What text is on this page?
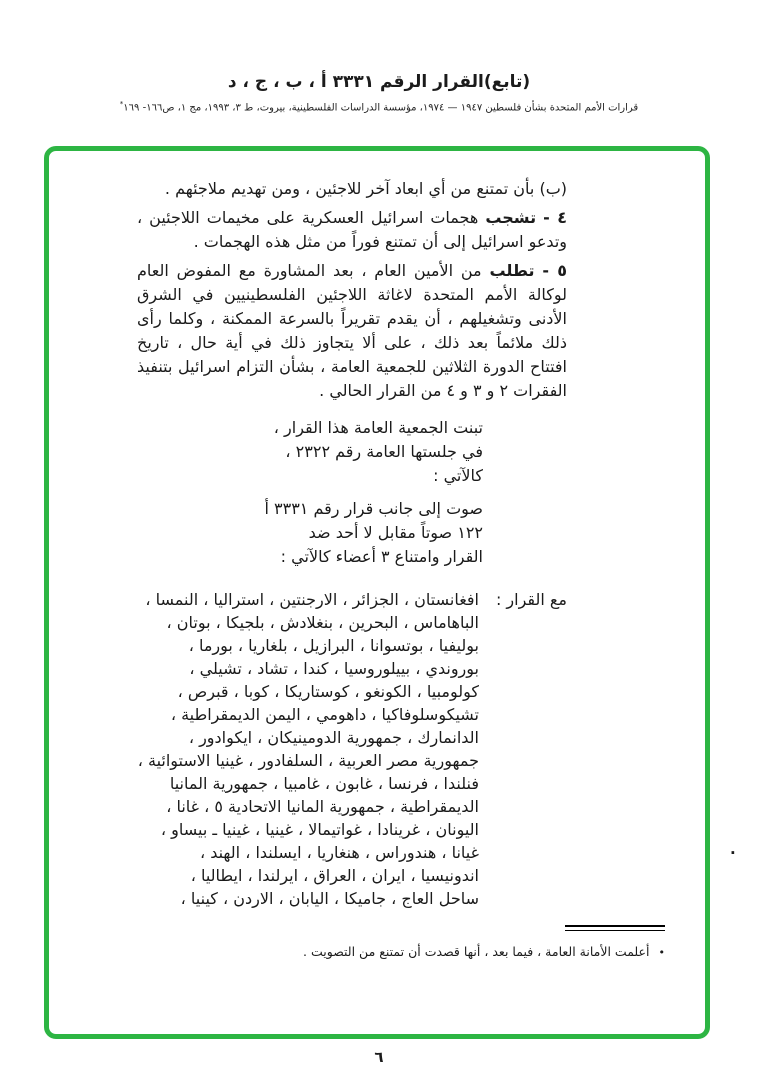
(تابع)القرار الرقم ٣٣٣١ أ ، ب ، ج ، د
قرارات الأمم المتحدة بشأن فلسطين ١٩٤٧ — ١٩٧٤، مؤسسة الدراسات الفلسطينية، بيروت، ط ٣، ١٩٩٣، مج ١، ص١٦٦- ١٦٩*

(ب) بأن تمتنع من أي ابعاد آخر للاجئين ، ومن تهديم ملاجئهم .

٤ - تشجب هجمات اسرائيل العسكرية على مخيمات اللاجئين ، وتدعو اسرائيل إلى أن تمتنع فوراً من مثل هذه الهجمات .

٥ - تطلب من الأمين العام ، بعد المشاورة مع المفوض العام لوكالة الأمم المتحدة لاغاثة اللاجئين الفلسطينيين في الشرق الأدنى وتشغيلهم ، أن يقدم تقريراً بالسرعة الممكنة ، وكلما رأى ذلك ملائماً بعد ذلك ، على ألا يتجاوز ذلك في أية حال ، تاريخ افتتاح الدورة الثلاثين للجمعية العامة ، بشأن التزام اسرائيل بتنفيذ الفقرات ٢ و ٣ و ٤ من القرار الحالي .

تبنت الجمعية العامة هذا القرار ،
في جلستها العامة رقم ٢٣٢٢ ،
كالآتي :
صوت إلى جانب قرار رقم ٣٣٣١ أ
١٢٢ صوتاً مقابل لا أحد ضد
القرار وامتناع ٣ أعضاء كالآتي :
مع القرار :
افغانستان ، الجزائر ، الارجنتين ، استراليا ، النمسا ،
الباهاماس ، البحرين ، بنغلادش ، بلجيكا ، بوتان ،
بوليفيا ، بوتسوانا ، البرازيل ، بلغاريا ، بورما ،
بوروندي ، بييلوروسيا ، كندا ، تشاد ، تشيلي ،
كولومبيا ، الكونغو ، كوستاريكا ، كوبا ، قبرص ،
تشيكوسلوفاكيا ، داهومي ، اليمن الديمقراطية ،
الدانمارك ، جمهورية الدومينيكان ، ايكوادور ،
جمهورية مصر العربية ، السلفادور ، غينيا الاستوائية ،
فنلندا ، فرنسا ، غابون ، غامبيا ، جمهورية المانيا
الديمقراطية ، جمهورية المانيا الاتحادية ٥ ، غانا ،
اليونان ، غرينادا ، غواتيمالا ، غينيا ، غينيا ـ بيساو ،
غيانا ، هندوراس ، هنغاريا ، ايسلندا ، الهند ،
اندونيسيا ، ايران ، العراق ، ايرلندا ، ايطاليا ،
ساحل العاج ، جاميكا ، اليابان ، الاردن ، كينيا ،
•
أعلمت الأمانة العامة ، فيما بعد ، أنها قصدت أن تمتنع من التصويت .
.
٦
